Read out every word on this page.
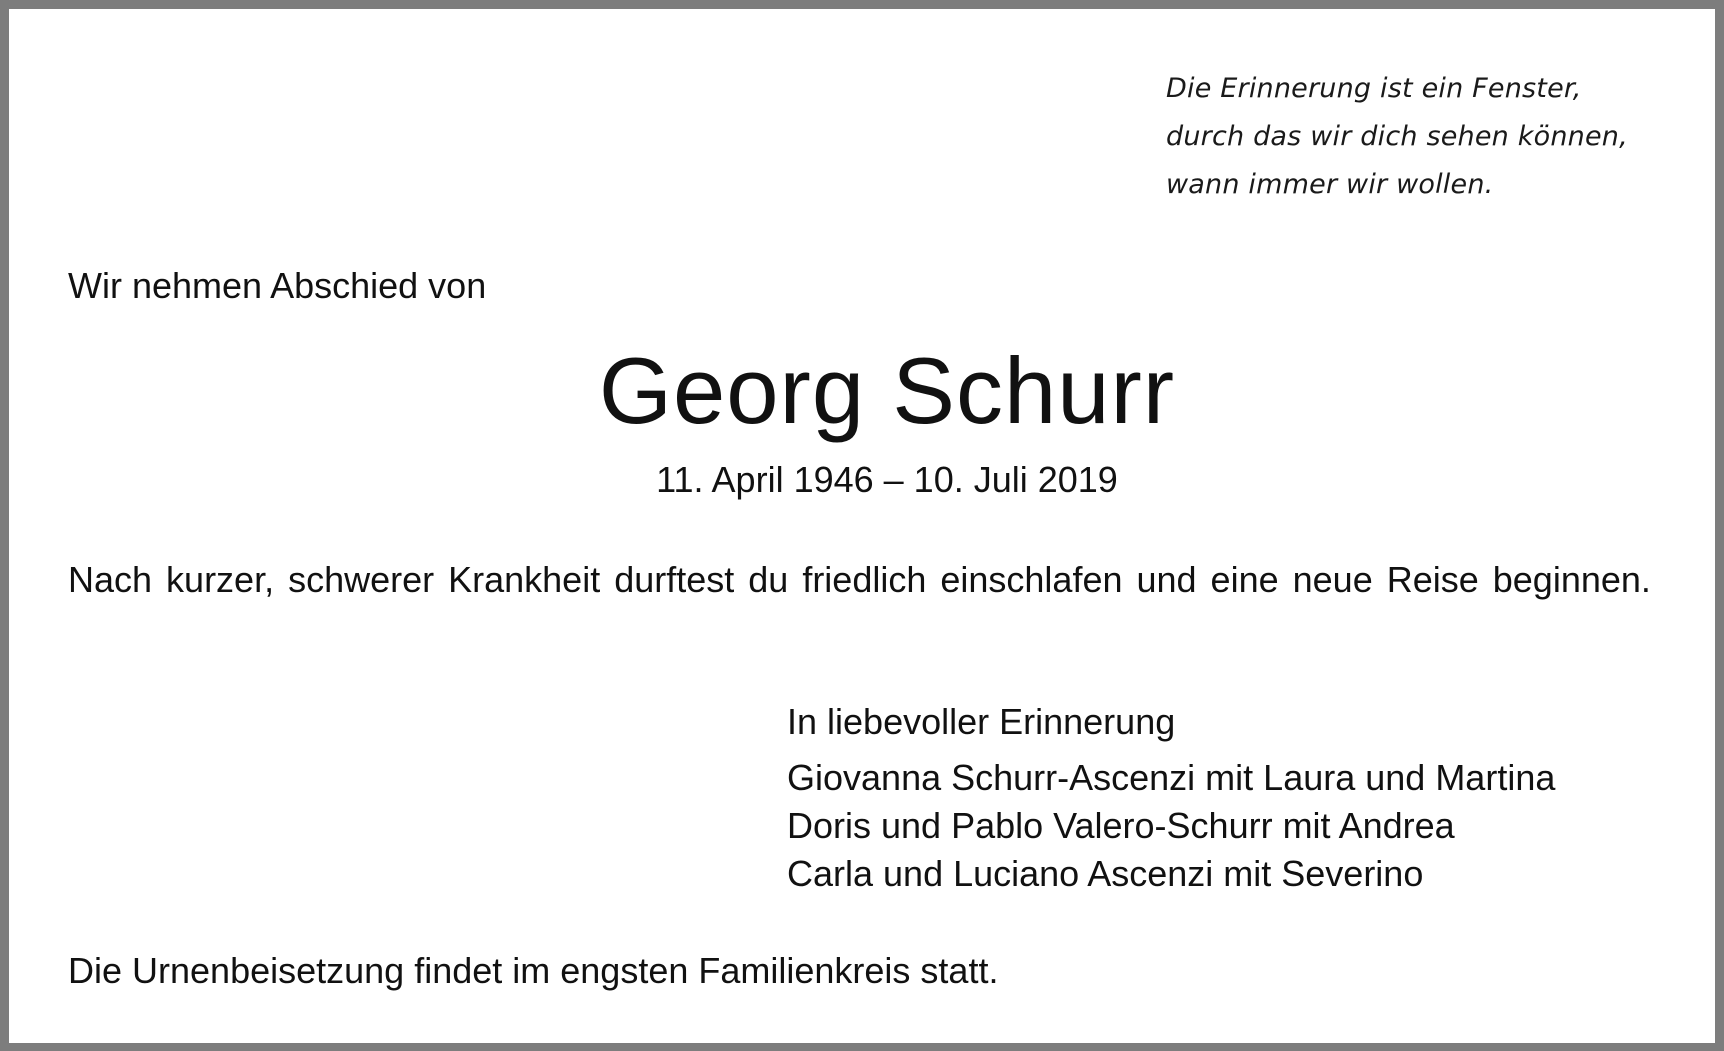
Die Erinnerung ist ein Fenster,
durch das wir dich sehen können,
wann immer wir wollen.
Wir nehmen Abschied von
Georg Schurr
11. April 1946 – 10. Juli 2019
Nach kurzer, schwerer Krankheit durftest du friedlich einschlafen und eine neue Reise beginnen.
In liebevoller Erinnerung
Giovanna Schurr-Ascenzi mit Laura und Martina
Doris und Pablo Valero-Schurr mit Andrea
Carla und Luciano Ascenzi mit Severino
Die Urnenbeisetzung findet im engsten Familienkreis statt.
